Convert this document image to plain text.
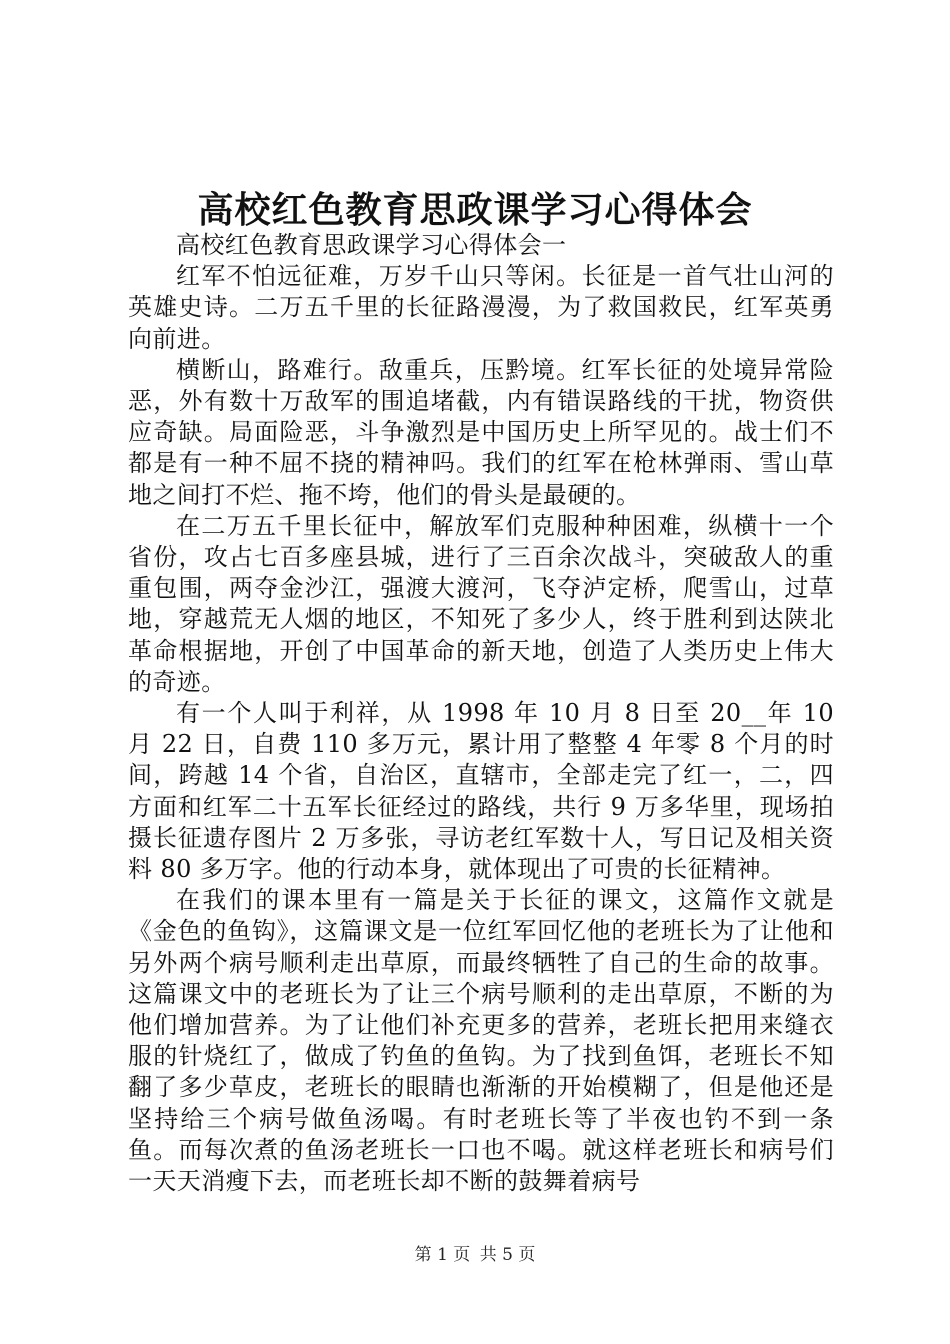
高校红色教育思政课学习心得体会

高校红色教育思政课学习心得体会一

红军不怕远征难，万岁千山只等闲。长征是一首气壮山河的英雄史诗。二万五千里的长征路漫漫，为了救国救民，红军英勇向前进。

横断山，路难行。敌重兵，压黔境。红军长征的处境异常险恶，外有数十万敌军的围追堵截，内有错误路线的干扰，物资供应奇缺。局面险恶，斗争激烈是中国历史上所罕见的。战士们不都是有一种不屈不挠的精神吗。我们的红军在枪林弹雨、雪山草地之间打不烂、拖不垮，他们的骨头是最硬的。

在二万五千里长征中，解放军们克服种种困难，纵横十一个省份，攻占七百多座县城，进行了三百余次战斗，突破敌人的重重包围，两夺金沙江，强渡大渡河，飞夺泸定桥，爬雪山，过草地，穿越荒无人烟的地区，不知死了多少人，终于胜利到达陕北革命根据地，开创了中国革命的新天地，创造了人类历史上伟大的奇迹。

有一个人叫于利祥，从 1998 年 10 月 8 日至 20__年 10 月 22 日，自费 110 多万元，累计用了整整 4 年零 8 个月的时间，跨越 14 个省，自治区，直辖市，全部走完了红一，二，四方面和红军二十五军长征经过的路线，共行 9 万多华里，现场拍摄长征遗存图片 2 万多张，寻访老红军数十人，写日记及相关资料 80 多万字。他的行动本身，就体现出了可贵的长征精神。

在我们的课本里有一篇是关于长征的课文，这篇作文就是《金色的鱼钩》，这篇课文是一位红军回忆他的老班长为了让他和另外两个病号顺利走出草原，而最终牺牲了自己的生命的故事。这篇课文中的老班长为了让三个病号顺利的走出草原，不断的为他们增加营养。为了让他们补充更多的营养，老班长把用来缝衣服的针烧红了，做成了钓鱼的鱼钩。为了找到鱼饵，老班长不知翻了多少草皮，老班长的眼睛也渐渐的开始模糊了，但是他还是坚持给三个病号做鱼汤喝。有时老班长等了半夜也钓不到一条鱼。而每次煮的鱼汤老班长一口也不喝。就这样老班长和病号们一天天消瘦下去，而老班长却不断的鼓舞着病号

第 1 页 共 5 页
